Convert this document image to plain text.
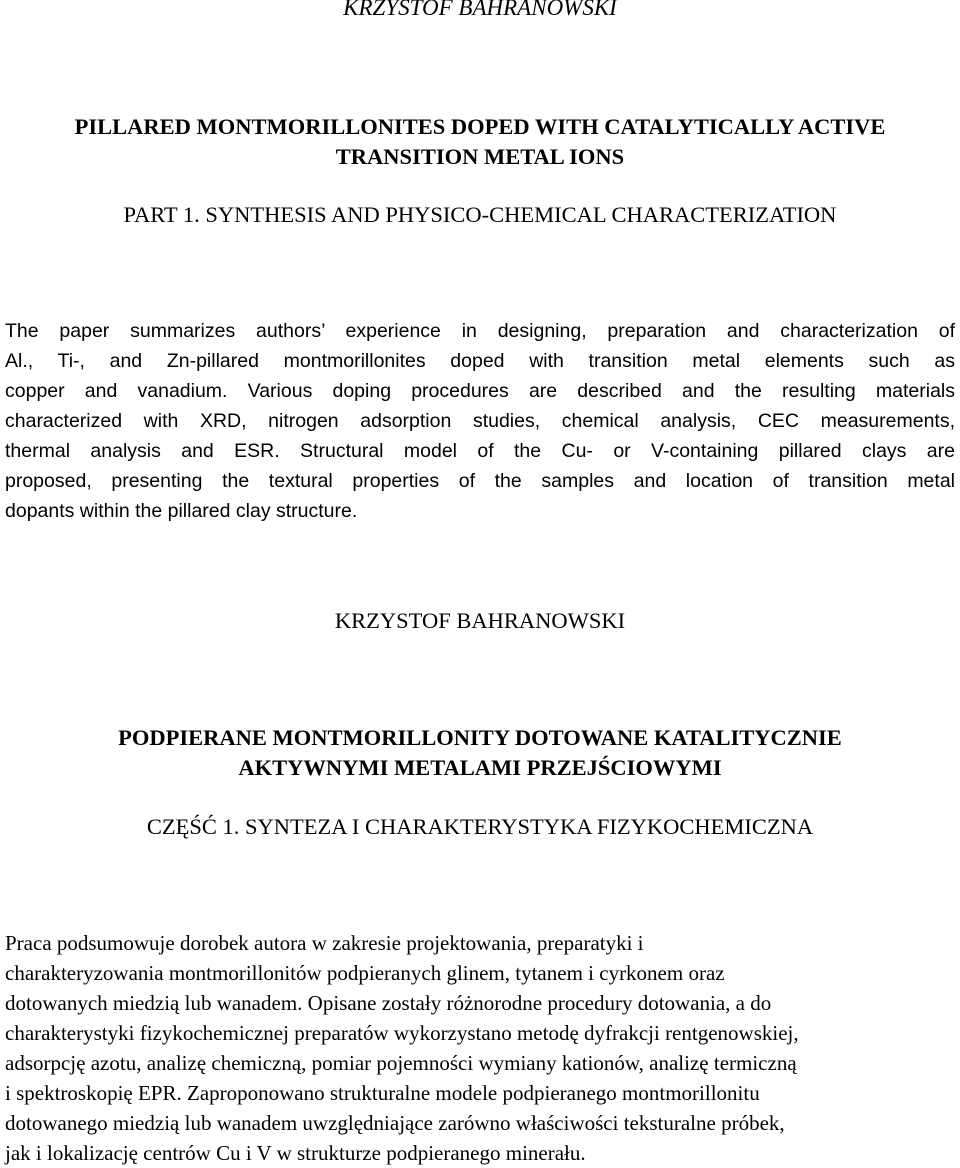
KRZYSTOF BAHRANOWSKI
PILLARED MONTMORILLONITES DOPED WITH CATALYTICALLY ACTIVE
TRANSITION METAL IONS
PART 1. SYNTHESIS AND PHYSICO-CHEMICAL CHARACTERIZATION
The paper summarizes authors’ experience in designing, preparation and characterization of
Al., Ti-, and Zn-pillared montmorillonites doped with transition metal elements such as
copper and vanadium. Various doping procedures are described and the resulting materials
characterized with XRD, nitrogen adsorption studies, chemical analysis, CEC measurements,
thermal analysis and ESR. Structural model of the Cu- or V-containing pillared clays are
proposed, presenting the textural properties of the samples and location of transition metal
dopants within the pillared clay structure.
KRZYSTOF BAHRANOWSKI
PODPIERANE MONTMORILLONITY DOTOWANE KATALITYCZNIE
AKTYWNYMI METALAMI PRZEJŚCIOWYMI
CZĘŚĆ 1. SYNTEZA I CHARAKTERYSTYKA FIZYKOCHEMICZNA
Praca podsumowuje dorobek autora w zakresie projektowania, preparatyki i
charakteryzowania montmorillonitów podpieranych glinem, tytanem i cyrkonem oraz
dotowanych miedzią lub wanadem. Opisane zostały różnorodne procedury dotowania, a do
charakterystyki fizykochemicznej preparatów wykorzystano metodę dyfrakcji rentgenowskiej,
adsorpcję azotu, analizę chemiczną, pomiar pojemności wymiany kationów, analizę termiczną
i spektroskopię EPR. Zaproponowano strukturalne modele podpieranego montmorillonitu
dotowanego miedzią lub wanadem uwzględniające zarówno właściwości teksturalne próbek,
jak i lokalizację centrów Cu i V w strukturze podpieranego minerału.
